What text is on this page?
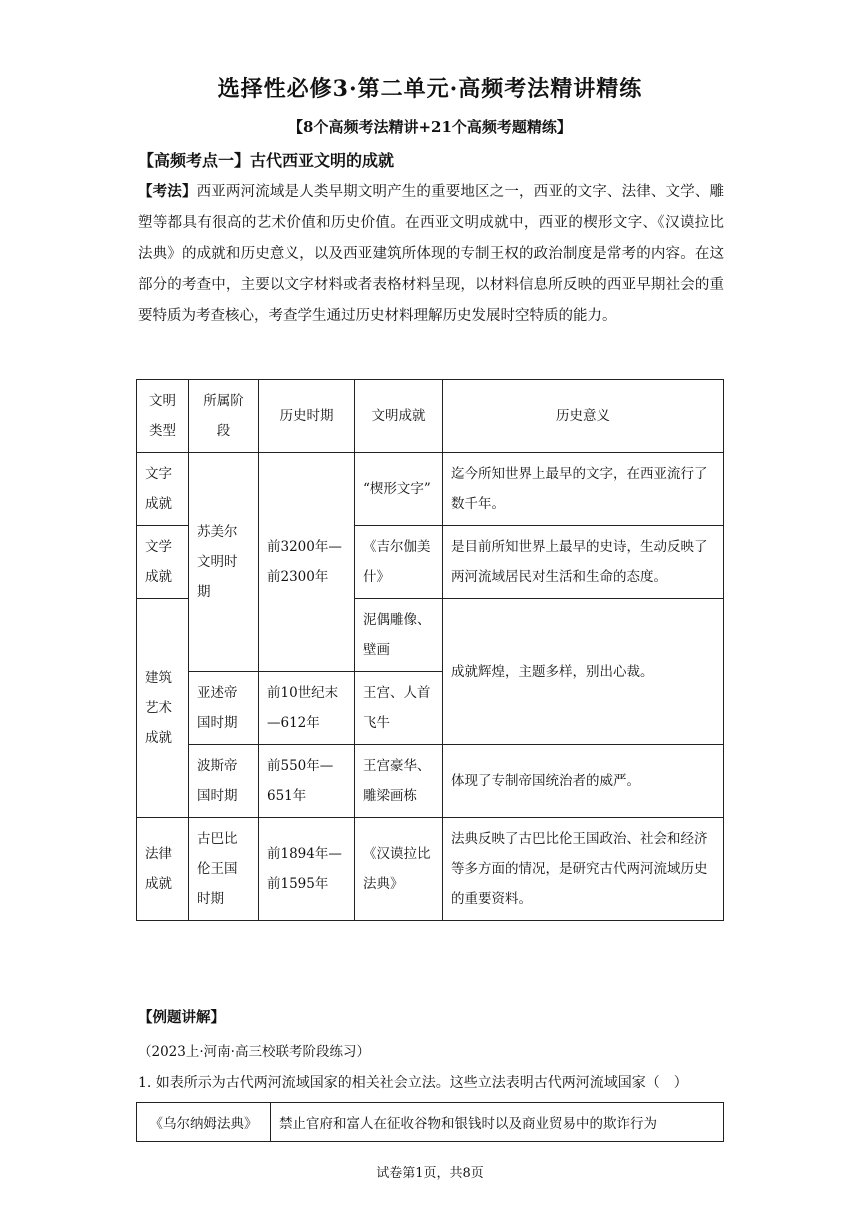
选择性必修3·第二单元·高频考法精讲精练
【8个高频考法精讲+21个高频考题精练】
【高频考点一】古代西亚文明的成就
【考法】西亚两河流域是人类早期文明产生的重要地区之一，西亚的文字、法律、文学、雕塑等都具有很高的艺术价值和历史价值。在西亚文明成就中，西亚的楔形文字、《汉谟拉比法典》的成就和历史意义，以及西亚建筑所体现的专制王权的政治制度是常考的内容。在这部分的考查中，主要以文字材料或者表格材料呈现，以材料信息所反映的西亚早期社会的重要特质为考查核心，考查学生通过历史材料理解历史发展时空特质的能力。
文明类型	所属阶段	历史时期	文明成就	历史意义
文字成就	苏美尔文明时期	前3200年—前2300年	“楔形文字”	迄今所知世界上最早的文字，在西亚流行了数千年。
文学成就			《吉尔伽美什》	是目前所知世界上最早的史诗，生动反映了两河流域居民对生活和生命的态度。
建筑艺术成就			泥偶雕像、壁画	成就辉煌，主题多样，别出心裁。
	亚述帝国时期	前10世纪末—612年	王宫、人首飞牛	
	波斯帝国时期	前550年—651年	王宫豪华、雕梁画栋	体现了专制帝国统治者的威严。
法律成就	古巴比伦王国时期	前1894年—前1595年	《汉谟拉比法典》	法典反映了古巴比伦王国政治、社会和经济等多方面的情况，是研究古代两河流域历史的重要资料。
【例题讲解】
（2023上·河南·高三校联考阶段练习）
1. 如表所示为古代两河流域国家的相关社会立法。这些立法表明古代两河流域国家（　）
《乌尔纳姆法典》	禁止官府和富人在征收谷物和银钱时以及商业贸易中的欺诈行为
试卷第1页，共8页
